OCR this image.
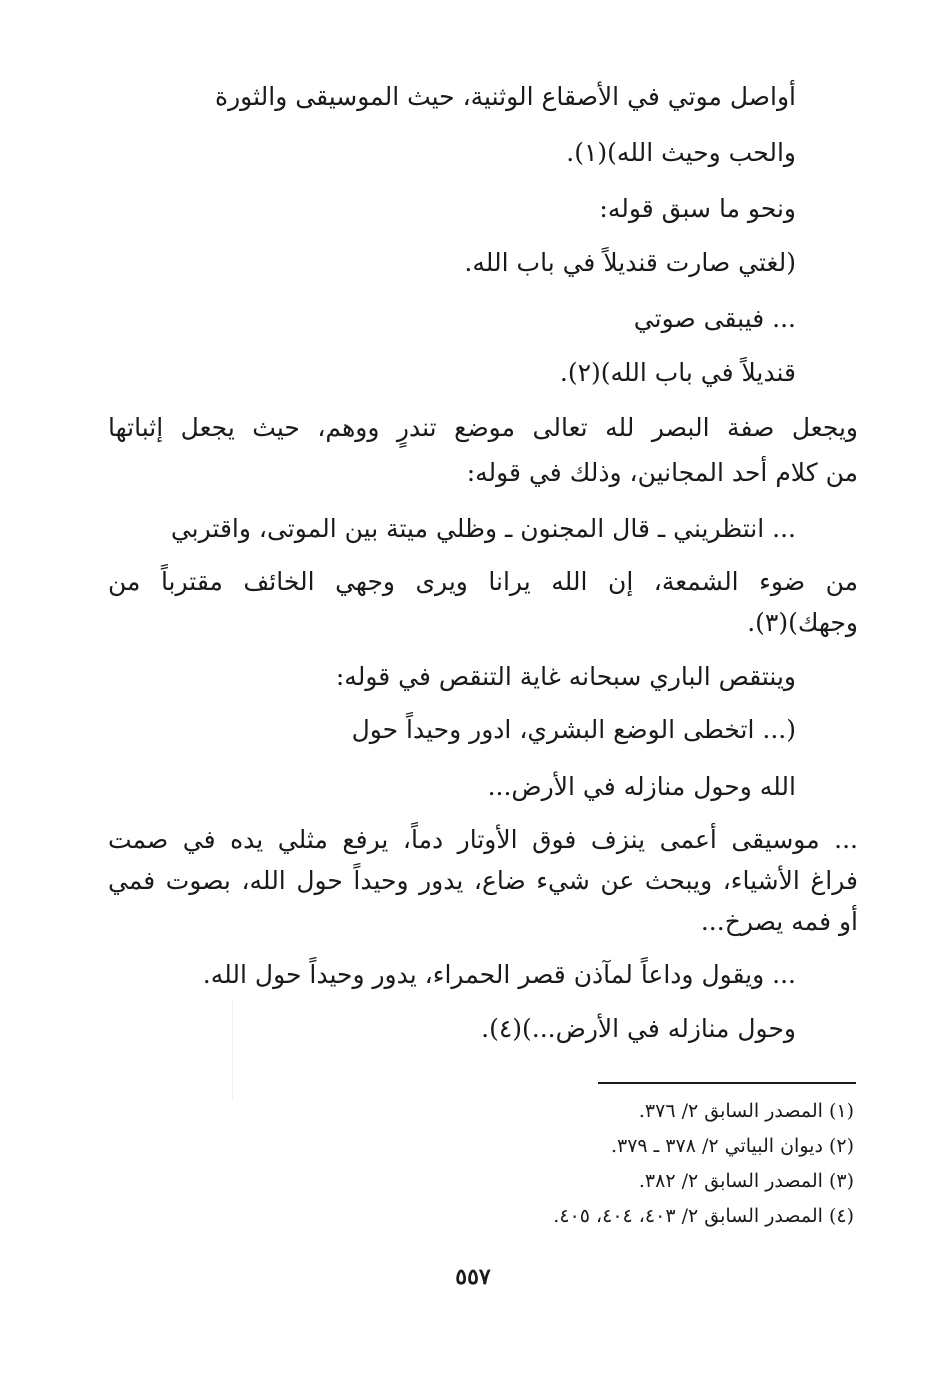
أواصل موتي في الأصقاع الوثنية، حيث الموسيقى والثورة
والحب وحيث الله)(١).
ونحو ما سبق قوله:
(لغتي صارت قنديلاً في باب الله.
... فيبقى صوتي
قنديلاً في باب الله)(٢).
ويجعل صفة البصر لله تعالى موضع تندرٍ ووهم، حيث يجعل إثباتها
من كلام أحد المجانين، وذلك في قوله:
... انتظريني ـ قال المجنون ـ وظلي ميتة بين الموتى، واقتربي
من ضوء الشمعة، إن الله يرانا ويرى وجهي الخائف مقترباً من
وجهك)(٣).
وينتقص الباري سبحانه غاية التنقص في قوله:
(... اتخطى الوضع البشري، ادور وحيداً حول
الله وحول منازله في الأرض...
... موسيقى أعمى ينزف فوق الأوتار دماً، يرفع مثلي يده في صمت
فراغ الأشياء، ويبحث عن شيء ضاع، يدور وحيداً حول الله، بصوت فمي
أو فمه يصرخ...
... ويقول وداعاً لمآذن قصر الحمراء، يدور وحيداً حول الله.
وحول منازله في الأرض...)(٤).
(١) المصدر السابق ٢/ ٣٧٦.
(٢) ديوان البياتي ٢/ ٣٧٨ ـ ٣٧٩.
(٣) المصدر السابق ٢/ ٣٨٢.
(٤) المصدر السابق ٢/ ٤٠٣، ٤٠٤، ٤٠٥.
٥٥٧
